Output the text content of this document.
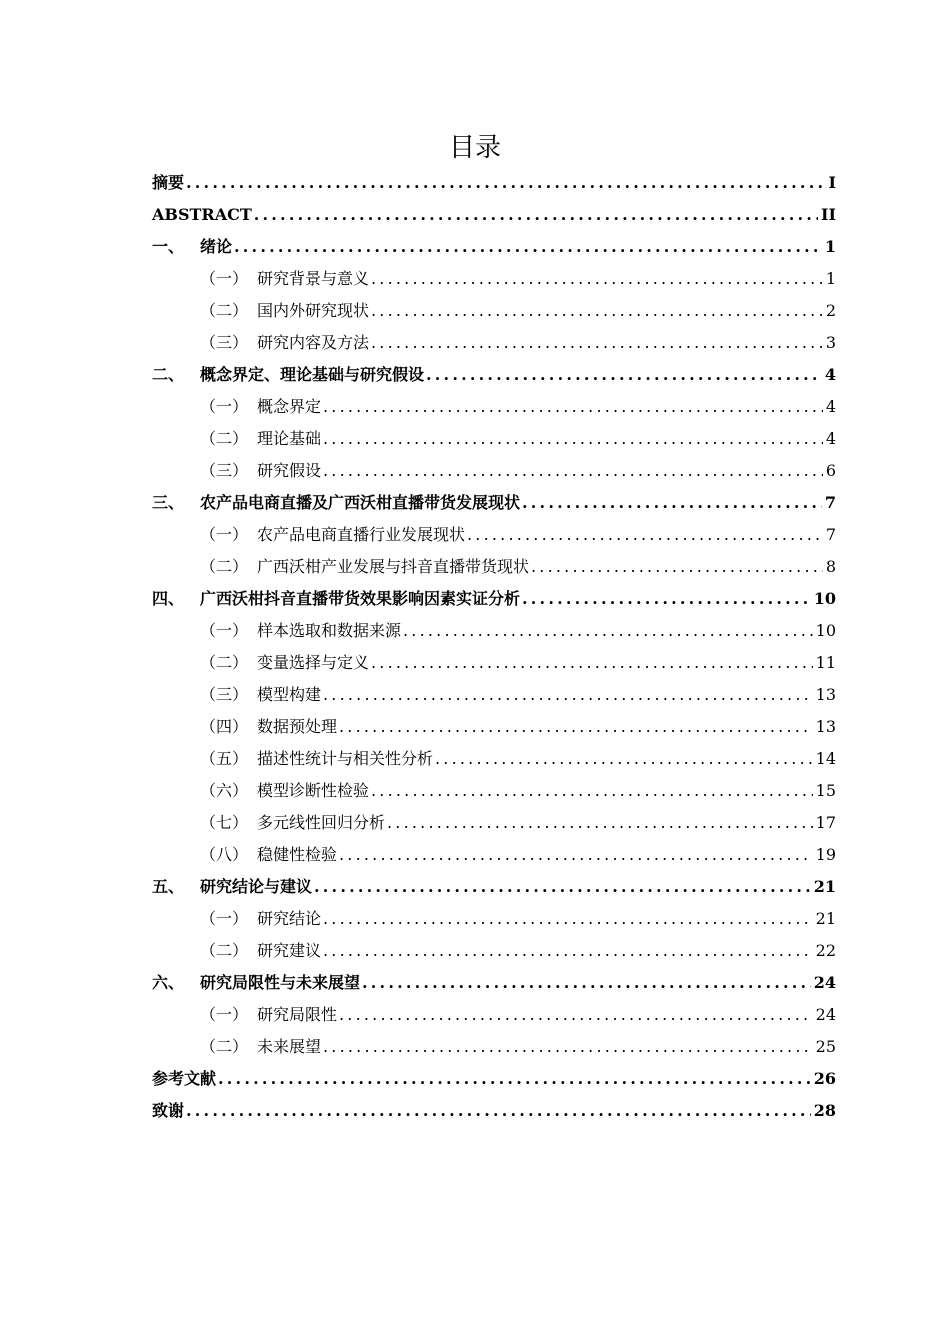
目录
摘要 .....	I
ABSTRACT .....	II
一、 绪论 .....	1
（一） 研究背景与意义 .....	1
（二） 国内外研究现状 .....	2
（三） 研究内容及方法 .....	3
二、 概念界定、理论基础与研究假设 .....	4
（一） 概念界定 .....	4
（二） 理论基础 .....	4
（三） 研究假设 .....	6
三、 农产品电商直播及广西沃柑直播带货发展现状 .....	7
（一） 农产品电商直播行业发展现状 .....	7
（二） 广西沃柑产业发展与抖音直播带货现状 .....	8
四、 广西沃柑抖音直播带货效果影响因素实证分析 .....	10
（一） 样本选取和数据来源 .....	10
（二） 变量选择与定义 .....	11
（三） 模型构建 .....	13
（四） 数据预处理 .....	13
（五） 描述性统计与相关性分析 .....	14
（六） 模型诊断性检验 .....	15
（七） 多元线性回归分析 .....	17
（八） 稳健性检验 .....	19
五、 研究结论与建议 .....	21
（一） 研究结论 .....	21
（二） 研究建议 .....	22
六、 研究局限性与未来展望 .....	24
（一） 研究局限性 .....	24
（二） 未来展望 .....	25
参考文献 .....	26
致谢 .....	28
